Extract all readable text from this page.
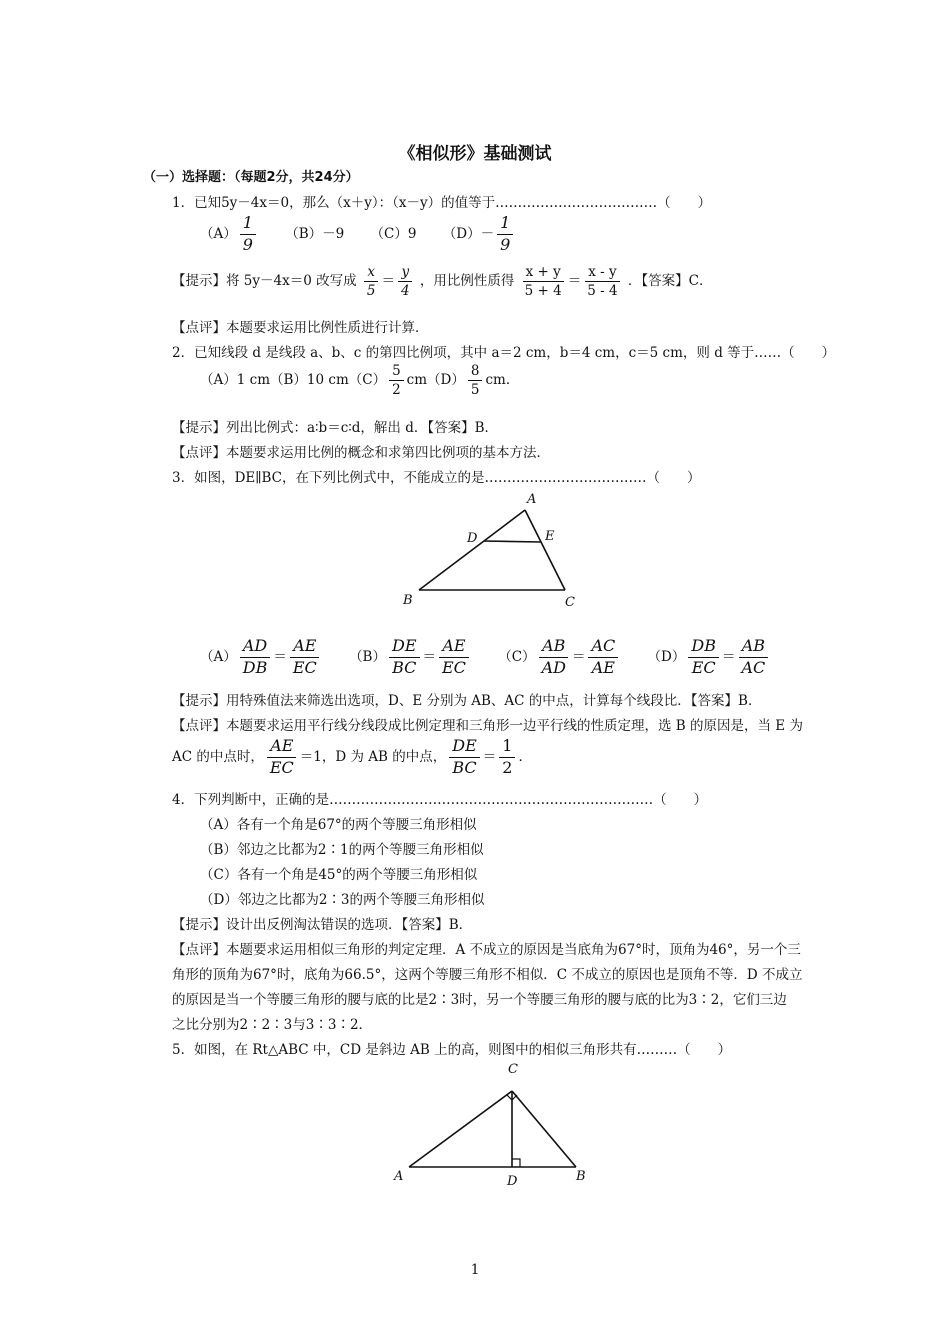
《相似形》基础测试
（一）选择题：（每题2分，共24分）
1．已知5y－4x＝0，那么（x＋y）：（x－y）的值等于………………………………（　　）
$(A) \frac{1}{9} (B)-9$ （C）9 $(D)- \frac{1}{9}$
【提示】将 5y－4x＝0 改写成 $\frac{x}{5} = \frac{y}{4}$ ，用比例性质得 $\frac{x + y}{5 + 4} = \frac{x - y}{5 - 4}$ ．【答案】C．
【点评】本题要求运用比例性质进行计算．
2．已知线段 d 是线段 a、b、c 的第四比例项，其中 a＝2 cm，b＝4 cm，c＝5 cm，则 d 等于……（　　）
（A）1 cm（B）10 $cm(C) \frac{5}{2} cm(D) \frac{8}{5}$ cm．
【提示】列出比例式：a∶b＝c∶d，解出 d．【答案】B．
【点评】本题要求运用比例的概念和求第四比例项的基本方法．
3．如图，DE∥BC，在下列比例式中，不能成立的是………………………………（　　）
A
D	E
B	C
$(A) \frac{AD}{DB} = \frac{AE}{EC} (B) \frac{DE}{BC} = \frac{AE}{EC} (C) \frac{AB}{AD} = \frac{AC}{AE} (D) \frac{DB}{EC} = \frac{AB}{AC}$
【提示】用特殊值法来筛选出选项，D、E 分别为 AB、AC 的中点，计算每个线段比．【答案】B．
【点评】本题要求运用平行线分线段成比例定理和三角形一边平行线的性质定理，选 B 的原因是，当 E 为
AC 的中点时， $\frac{AE}{EC} =1$，D 为 AB 的中点， $\frac{DE}{BC} = \frac{1}{2}$ ．
4．下列判断中，正确的是………………………………………………………………（　　）
（A）各有一个角是67°的两个等腰三角形相似
（B）邻边之比都为2∶1的两个等腰三角形相似
（C）各有一个角是45°的两个等腰三角形相似
（D）邻边之比都为2∶3的两个等腰三角形相似
【提示】设计出反例淘汰错误的选项．【答案】B．
【点评】本题要求运用相似三角形的判定定理．A 不成立的原因是当底角为67°时，顶角为46°，另一个三
角形的顶角为67°时，底角为66.5°，这两个等腰三角形不相似．C 不成立的原因也是顶角不等．D 不成立
的原因是当一个等腰三角形的腰与底的比是2∶3时，另一个等腰三角形的腰与底的比为3∶2，它们三边
之比分别为2∶2∶3与3∶3∶2．
5．如图，在 Rt△ABC 中，CD 是斜边 AB 上的高，则图中的相似三角形共有………（　　）
C
A	D	B
1
